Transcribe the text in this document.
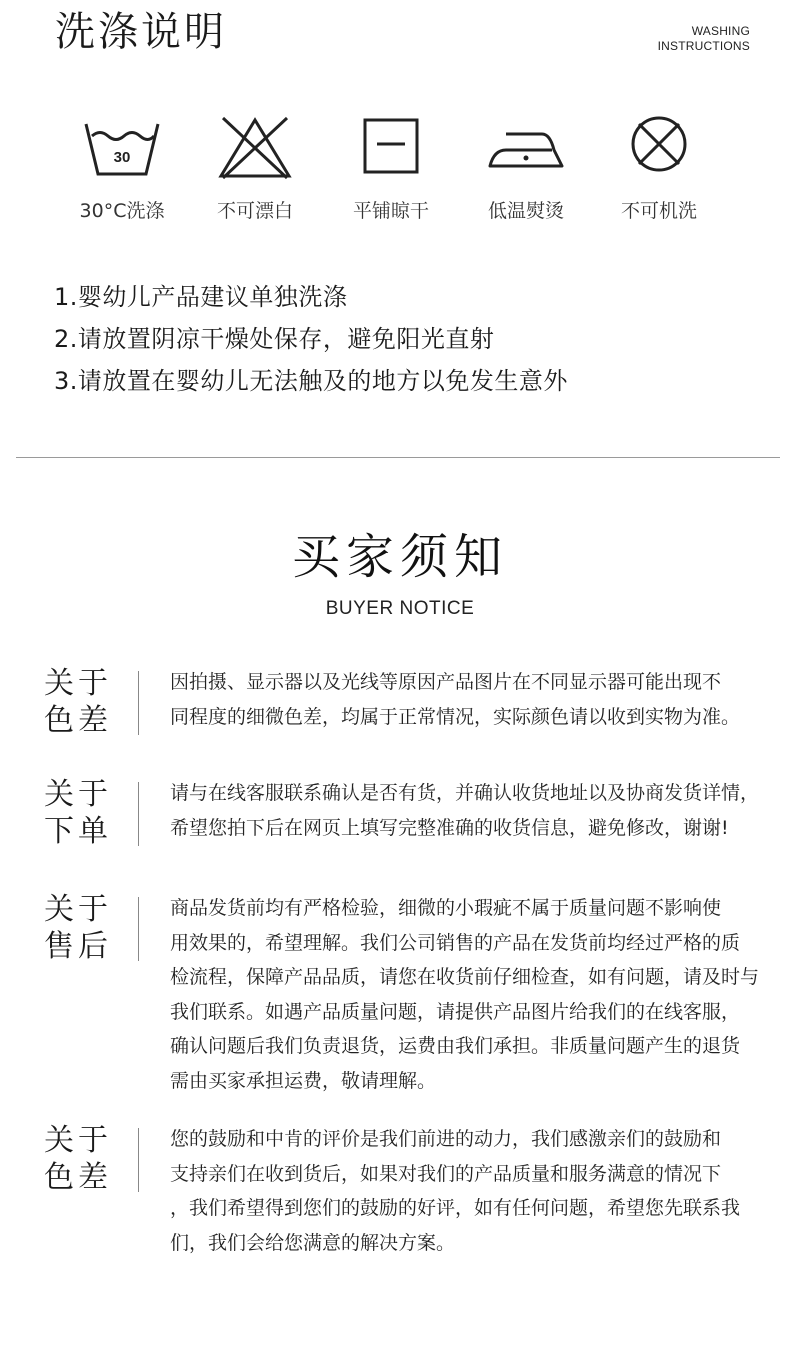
洗涤说明	WASHING
INSTRUCTIONS
30
30°C洗涤	不可漂白	平铺晾干	低温熨烫	不可机洗
1.婴幼儿产品建议单独洗涤
2.请放置阴凉干燥处保存，避免阳光直射
3.请放置在婴幼儿无法触及的地方以免发生意外
买家须知
BUYER NOTICE
关于
色差
因拍摄、显示器以及光线等原因产品图片在不同显示器可能出现不
同程度的细微色差，均属于正常情况，实际颜色请以收到实物为准。
关于
下单
请与在线客服联系确认是否有货，并确认收货地址以及协商发货详情，
希望您拍下后在网页上填写完整准确的收货信息，避免修改，谢谢!
关于
售后
商品发货前均有严格检验，细微的小瑕疵不属于质量问题不影响使
用效果的，希望理解。我们公司销售的产品在发货前均经过严格的质
检流程，保障产品品质，请您在收货前仔细检查，如有问题，请及时与
我们联系。如遇产品质量问题，请提供产品图片给我们的在线客服，
确认问题后我们负责退货，运费由我们承担。非质量问题产生的退货
需由买家承担运费，敬请理解。
关于
色差
您的鼓励和中肯的评价是我们前进的动力，我们感激亲们的鼓励和
支持亲们在收到货后，如果对我们的产品质量和服务满意的情况下
，我们希望得到您们的鼓励的好评，如有任何问题，希望您先联系我
们，我们会给您满意的解决方案。
